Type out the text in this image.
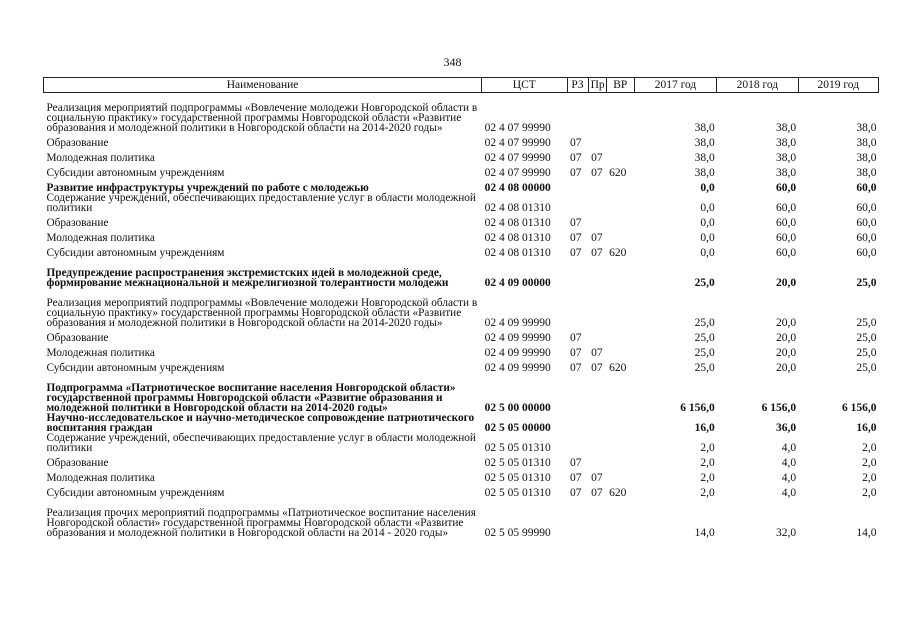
348
Наименование	ЦСТ	РЗ	Пр	ВР	2017 год	2018 год	2019 год
Реализация мероприятий подпрограммы «Вовлечение молодежи Новгородской области в социальную практику» государственной программы Новгородской области «Развитие образования и молодежной политики в Новгородской области на 2014-2020 годы»	02 4 07 99990				38,0	38,0	38,0
Образование	02 4 07 99990	07			38,0	38,0	38,0
Молодежная политика	02 4 07 99990	07	07		38,0	38,0	38,0
Субсидии автономным учреждениям	02 4 07 99990	07	07	620	38,0	38,0	38,0
Развитие инфраструктуры учреждений по работе с молодежью	02 4 08 00000				0,0	60,0	60,0
Содержание учреждений, обеспечивающих предоставление услуг в области молодежной политики	02 4 08 01310				0,0	60,0	60,0
Образование	02 4 08 01310	07			0,0	60,0	60,0
Молодежная политика	02 4 08 01310	07	07		0,0	60,0	60,0
Субсидии автономным учреждениям	02 4 08 01310	07	07	620	0,0	60,0	60,0
Предупреждение распространения экстремистских идей в молодежной среде, формирование межнациональной и межрелигиозной толерантности молодежи	02 4 09 00000				25,0	20,0	25,0
Реализация мероприятий подпрограммы «Вовлечение молодежи Новгородской области в социальную практику» государственной программы Новгородской области «Развитие образования и молодежной политики в Новгородской области на 2014-2020 годы»	02 4 09 99990				25,0	20,0	25,0
Образование	02 4 09 99990	07			25,0	20,0	25,0
Молодежная политика	02 4 09 99990	07	07		25,0	20,0	25,0
Субсидии автономным учреждениям	02 4 09 99990	07	07	620	25,0	20,0	25,0
Подпрограмма «Патриотическое воспитание населения Новгородской области» государственной программы Новгородской области «Развитие образования и молодежной политики в Новгородской области на 2014-2020 годы»	02 5 00 00000				6 156,0	6 156,0	6 156,0
Научно-исследовательское и научно-методическое сопровождение патриотического воспитания граждан	02 5 05 00000				16,0	36,0	16,0
Содержание учреждений, обеспечивающих предоставление услуг в области молодежной политики	02 5 05 01310				2,0	4,0	2,0
Образование	02 5 05 01310	07			2,0	4,0	2,0
Молодежная политика	02 5 05 01310	07	07		2,0	4,0	2,0
Субсидии автономным учреждениям	02 5 05 01310	07	07	620	2,0	4,0	2,0
Реализация прочих мероприятий подпрограммы «Патриотическое воспитание населения Новгородской области» государственной программы Новгородской области «Развитие образования и молодежной политики в Новгородской области на 2014 - 2020 годы»	02 5 05 99990				14,0	32,0	14,0
